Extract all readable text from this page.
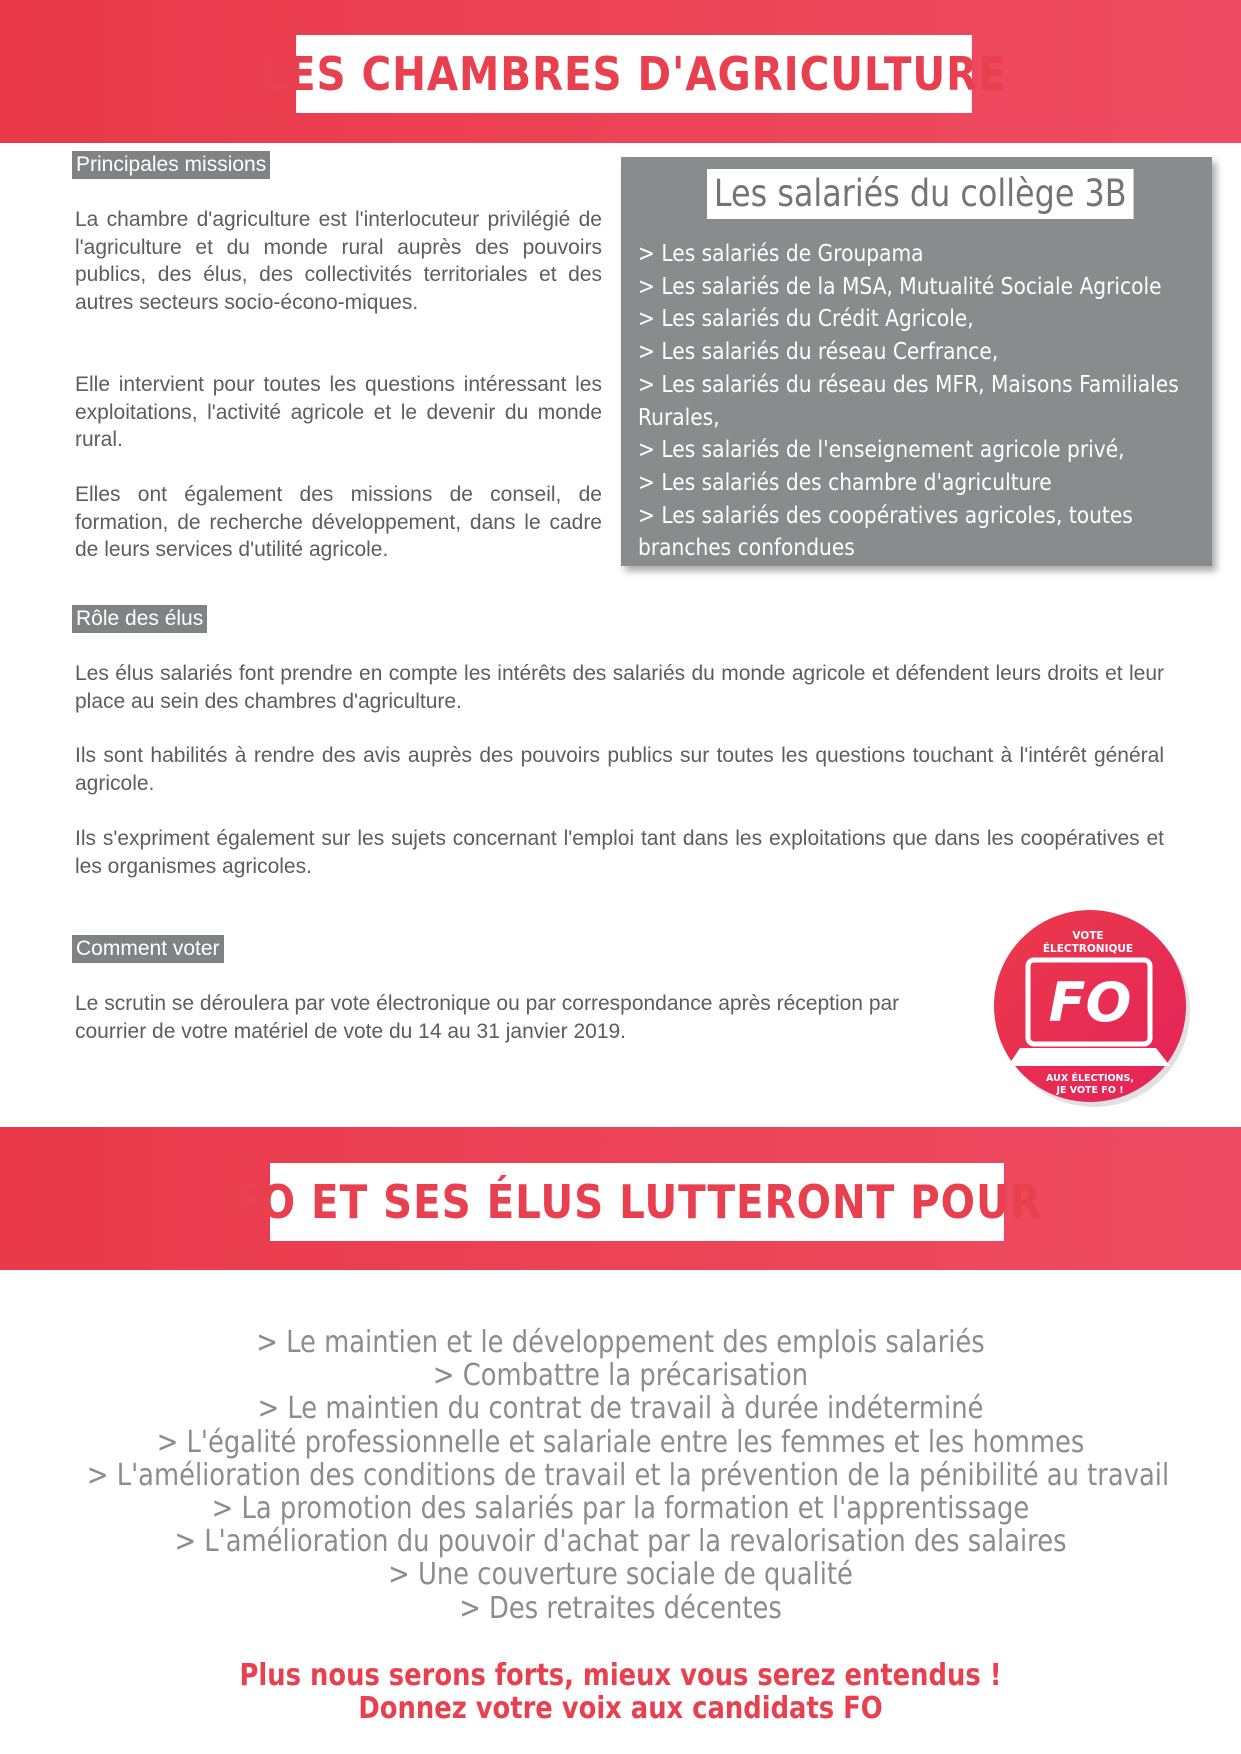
LES CHAMBRES D'AGRICULTURE
Principales missions

La chambre d'agriculture est l'interlocuteur privilégié de l'agriculture et du monde rural auprès des pouvoirs publics, des élus, des collectivités territoriales et des autres secteurs socio-écono-miques.

Elle intervient pour toutes les questions intéressant les exploitations, l'activité agricole et le devenir du monde rural.

Elles ont également des missions de conseil, de formation, de recherche développement, dans le cadre de leurs services d'utilité agricole.

Les salariés du collège 3B
> Les salariés de Groupama
> Les salariés de la MSA, Mutualité Sociale Agricole
> Les salariés du Crédit Agricole,
> Les salariés du réseau Cerfrance,
> Les salariés du réseau des MFR, Maisons Familiales
Rurales,
> Les salariés de l'enseignement agricole privé,
> Les salariés des chambre d'agriculture
> Les salariés des coopératives agricoles, toutes
branches confondues
Rôle des élus

Les élus salariés font prendre en compte les intérêts des salariés du monde agricole et défendent leurs droits et leur place au sein des chambres d'agriculture.

Ils sont habilités à rendre des avis auprès des pouvoirs publics sur toutes les questions touchant à l'intérêt général agricole.

Ils s'expriment également sur les sujets concernant l'emploi tant dans les exploitations que dans les coopératives et les organismes agricoles.

Comment voter

Le scrutin se déroulera par vote électronique ou par correspondance après réception par courrier de votre matériel de vote du 14 au 31 janvier 2019.

VOTE
ÉLECTRONIQUE
FO
AUX ÉLECTIONS,
JE VOTE FO !
FO ET SES ÉLUS LUTTERONT POUR
> Le maintien et le développement des emplois salariés
> Combattre la précarisation
> Le maintien du contrat de travail à durée indéterminé
> L'égalité professionnelle et salariale entre les femmes et les hommes
> L'amélioration des conditions de travail et la prévention de la pénibilité au travail
> La promotion des salariés par la formation et l'apprentissage
> L'amélioration du pouvoir d'achat par la revalorisation des salaires
> Une couverture sociale de qualité
> Des retraites décentes
Plus nous serons forts, mieux vous serez entendus !
Donnez votre voix aux candidats FO
